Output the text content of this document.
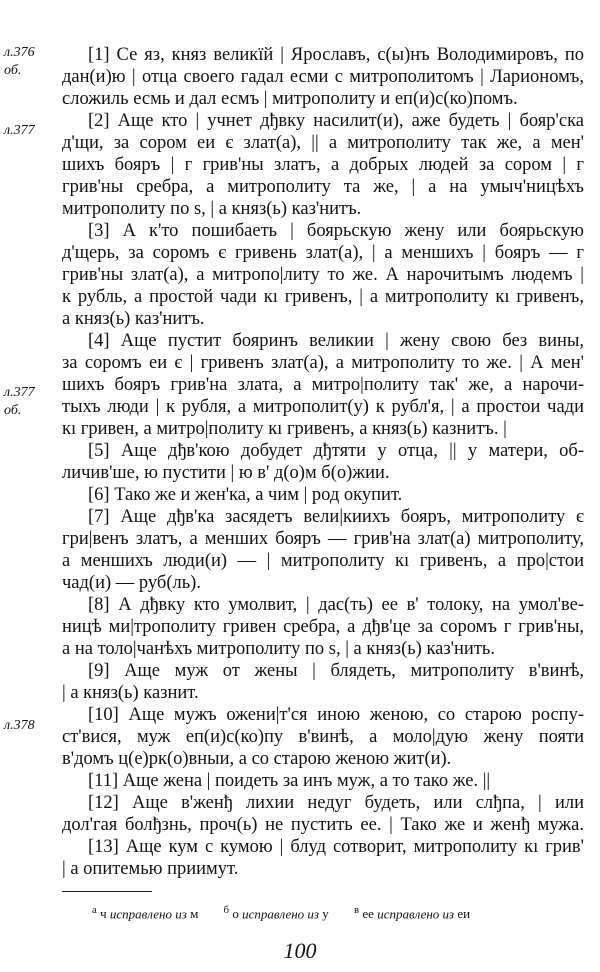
л.376
об.
л.377
л.377
об.
л.378
[1] Се яз, княз великїй | Ярославъ, с(ы)нъ Володимировъ, по
дан(и)ю | отца своего гадал есми с митрополитомъ | Лариономъ,
сложиль есмь и дал есмъ | митрополиту и еп(и)с(ко)помъ.
[2] Аще кто | учнет дђвку насилит(и), аже будеть | бояр'ска
д'щи, за сором еи є злат(а), || а митрополиту так же, а мен'
шихъ бояръ | г грив'ны златъ, а добрых людей за сором | г
грив'ны сребра, а митрополиту та же, | а на умыч'ницѣхъ
митрополиту по ѕ, | а княз(ь) каз'нитъ.
[3] А к'то пошибаеть | боярьскую жену или боярьскую
д'щерь, за соромъ є гривень злат(а), | а меншихъ | бояръ — г
грив'ны злат(а), а митропо|литу то же. А нарочитымъ людемъ |
к рубль, а простой чади кı гривенъ, | а митрополиту кı гривенъ,
а княз(ь) каз'нитъ.
[4] Аще пустит бояринъ великии | жену свою без вины,
за соромъ еи є | гривенъ злат(а), а митрополиту то же. | А мен'
шихъ бояръ грив'на злата, а митро|политу так' же, а нарочи-
тыхъ люди | к рубля, а митрополит(у) к рубл'я, | а простои чади
кı гривен, а митро|политу кı гривенъ, а княз(ь) казнитъ. |
[5] Аще дђв'кою добудет дђтяти у отца, || у матери, об-
личив'ше, ю пустити | ю в' д(о)м б(о)жии.
[6] Тако же и жен'ка, а чим | род окупит.
[7] Аще дђв'ка засядетъ вели|киихъ бояръ, митрополиту є
гри|венъ златъ, а менших бояръ — грив'на злат(а) митрополиту,
а меншихъ люди(и) — | митрополиту кı гривенъ, а про|стои
чад(и) — руб(ль).
[8] А дђвку кто умолвит, | дас(ть) ее в' толоку, на умол'ве-
ницѣ ми|трополиту гривен сребра, а дђв'це за соромъ г грив'ны,
а на толо|чанѣхъ митрополиту по ѕ, | а княз(ь) каз'нить.
[9] Аще муж от жены | блядеть, митрополиту в'винѣ,
| а княз(ь) казнит.
[10] Аще мужъ ожени|т'ся иною женою, со старою роспу-
ст'вися, муж еп(и)с(ко)пу в'винѣ, а моло|дую жену пояти
в'домъ ц(е)рк(о)вныи, а со старою женою жит(и).
[11] Аще жена | поидеть за инъ муж, а то тако же. ||
[12] Аще в'женђ лихии недуг будеть, или слђпа, | или
дол'гая болђзнь, проч(ь) не пустить ее. | Тако же и женђ мужа.
[13] Аще кум с кумою | блуд сотворит, митрополиту кı грив'
| а опитемью приимут.
$^а$ ч исправлено из м $^б$ о исправлено из у $^в$ ее исправлено из еи
100
